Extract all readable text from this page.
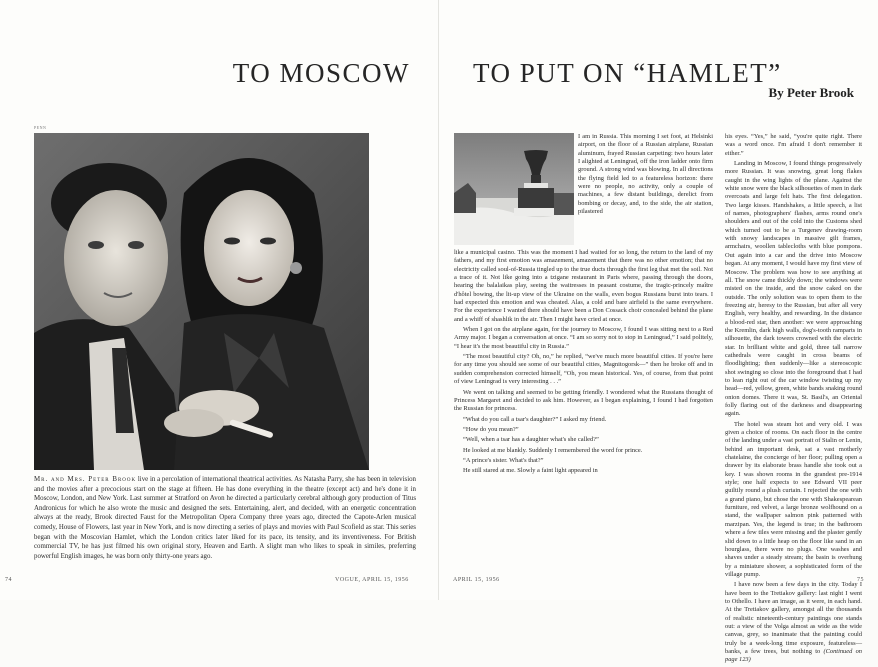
TO MOSCOW
PENN

Mr. and Mrs. Peter Brook live in a percolation of international theatrical activities. As Natasha Parry, she has been in television and the movies after a precocious start on the stage at fifteen. He has done everything in the theatre (except act) and he's done it in Moscow, London, and New York. Last summer at Stratford on Avon he directed a particularly cerebral although gory production of Titus Andronicus for which he also wrote the music and designed the sets. Entertaining, alert, and decided, with an energetic concentration always at the ready, Brook directed Faust for the Metropolitan Opera Company three years ago, directed the Capote-Arlen musical comedy, House of Flowers, last year in New York, and is now directing a series of plays and movies with Paul Scofield as star. This series began with the Moscovian Hamlet, which the London critics later liked for its pace, its tensity, and its inventiveness. For British commercial TV, he has just filmed his own original story, Heaven and Earth. A slight man who likes to speak in similes, preferring powerful English images, he was born only thirty-one years ago.

74	VOGUE, APRIL 15, 1956
TO PUT ON “HAMLET”
By Peter Brook

I am in Russia. This morning I set foot, at Helsinki airport, on the floor of a Russian airplane, Russian aluminum, frayed Russian carpeting: two hours later I alighted at Leningrad, off the iron ladder onto firm ground. A strong wind was blowing. In all directions the flying field led to a featureless horizon: there were no people, no activity, only a couple of machines, a few distant buildings, derelict from bombing or decay, and, to the side, the air station, pilastered

like a municipal casino. This was the moment I had waited for so long, the return to the land of my fathers, and my first emotion was amazement, amazement that there was no other emotion; that no electricity called soul-of-Russia tingled up to the true ducts through the first leg that met the soil. Not a trace of it. Not like going into a tzigane restaurant in Paris where, passing through the doors, hearing the balalaikas play, seeing the waitresses in peasant costume, the tragic-princely maître d'hôtel bowing, the lit-up view of the Ukraine on the walls, even bogus Russians burst into tears. I had expected this emotion and was cheated. Alas, a cold and bare airfield is the same everywhere. For the experience I wanted there should have been a Don Cossack choir concealed behind the plane and a whiff of shashlik in the air. Then I might have cried at once.

When I got on the airplane again, for the journey to Moscow, I found I was sitting next to a Red Army major. I began a conversation at once. “I am so sorry not to stop in Leningrad,” I said politely, “I hear it's the most beautiful city in Russia.”

“The most beautiful city? Oh, no,” he replied, “we've much more beautiful cities. If you're here for any time you should see some of our beautiful cities, Magnitogorsk—” then he broke off and in sudden comprehension corrected himself, “Oh, you mean historical. Yes, of course, from that point of view Leningrad is very interesting . . .”

We went on talking and seemed to be getting friendly. I wondered what the Russians thought of Princess Margaret and decided to ask him. However, as I began explaining, I found I had forgotten the Russian for princess.

“What do you call a tsar's daughter?” I asked my friend.

“How do you mean?”

“Well, when a tsar has a daughter what's she called?”

He looked at me blankly. Suddenly I remembered the word for prince.

“A prince's sister. What's that?”

He still stared at me. Slowly a faint light appeared in

his eyes. “Yes,” he said, “you're quite right. There was a word once. I'm afraid I don't remember it either.”

Landing in Moscow, I found things progressively more Russian. It was snowing, great long flakes caught in the wing lights of the plane. Against the white snow were the black silhouettes of men in dark overcoats and large felt hats. The first delegation. Two large kisses. Handshakes, a little speech, a list of names, photographers' flashes, arms round one's shoulders and out of the cold into the Customs shed which turned out to be a Turgenev drawing-room with snowy landscapes in massive gilt frames, armchairs, woollen tablecloths with blue pompons. Out again into a car and the drive into Moscow began. At any moment, I would have my first view of Moscow. The problem was how to see anything at all. The snow came thickly down; the windows were misted on the inside, and the snow caked on the outside. The only solution was to open them to the freezing air, heresy to the Russian, but after all very English, very healthy, and rewarding. In the distance a blood-red star, then another: we were approaching the Kremlin, dark high walls, dog's-tooth ramparts in silhouette, the dark towers crowned with the electric star. In brilliant white and gold, three tall narrow cathedrals were caught in cross beams of floodlighting; then suddenly—like a stereoscopic shot swinging so close into the foreground that I had to lean right out of the car window twisting up my head—red, yellow, green, white bands snaking round onion domes. There it was, St. Basil's, an Oriental folly flaring out of the darkness and disappearing again.

The hotel was steam hot and very old. I was given a choice of rooms. On each floor in the centre of the landing under a vast portrait of Stalin or Lenin, behind an important desk, sat a vast motherly chatelaine, the concierge of her floor; pulling open a drawer by its elaborate brass handle she took out a key. I was shown rooms in the grandest pre-1914 style; one half expects to see Edward VII peer guiltily round a plush curtain. I rejected the one with a grand piano, but chose the one with Shakespearean furniture, red velvet, a large bronze wolfhound on a stand, the wallpaper salmon pink patterned with marzipan. Yes, the legend is true; in the bathroom where a few tiles were missing and the plaster gently slid down to a little heap on the floor like sand in an hourglass, there were no plugs. One washes and shaves under a steady stream; the basin is overhung by a miniature shower, a sophisticated form of the village pump.

I have now been a few days in the city. Today I have been to the Tretiakov gallery: last night I went to Othello. I have an image, as it were, in each hand. At the Tretiakov gallery, amongst all the thousands of realistic nineteenth-century paintings one stands out: a view of the Volga almost as wide as the wide canvas, grey, so inanimate that the painting could truly be a week-long time exposure, featureless—banks, a few trees, but nothing to (Continued on page 123)

APRIL 15, 1956	75
